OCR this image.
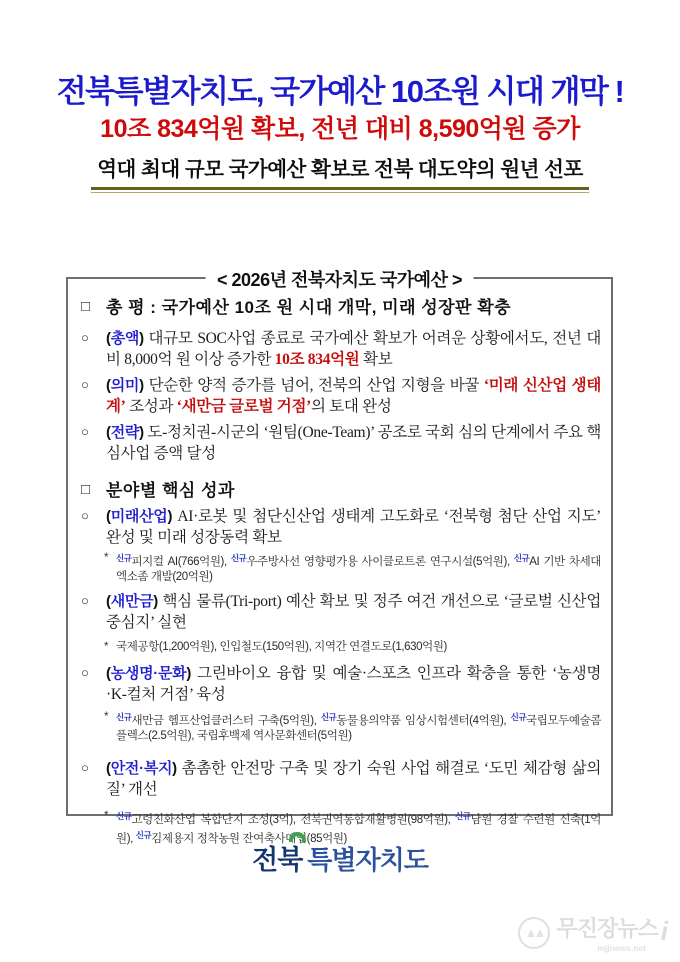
전북특별자치도, 국가예산 10조원 시대 개막 !
10조 834억원 확보, 전년 대비 8,590억원 증가
역대 최대 규모 국가예산 확보로 전북 대도약의 원년 선포
< 2026년 전북자치도 국가예산 >
□ 총 평 : 국가예산 10조 원 시대 개막, 미래 성장판 확충
○	(총액) 대규모 SOC사업 종료로 국가예산 확보가 어려운 상황에서도, 전년 대비 8,000억 원 이상 증가한 10조 834억원 확보
○	(의미) 단순한 양적 증가를 넘어, 전북의 산업 지형을 바꿀 ‘미래 신산업 생태계’ 조성과 ‘새만금 글로벌 거점’의 토대 완성
○	(전략) 도-정치권-시군의 ‘원팀(One-Team)’ 공조로 국회 심의 단계에서 주요 핵심사업 증액 달성
□ 분야별 핵심 성과
○	(미래산업) AI·로봇 및 첨단신산업 생태계 고도화로 ‘전북형 첨단 산업 지도’ 완성 및 미래 성장동력 확보
* $^{신규}$피지컬 AI(766억원), $^{신규}$우주방사선 영향평가용 사이클로트론 연구시설(5억원), $^{신규}$AI 기반 차세대 엑소좀 개발(20억원)
○	(새만금) 핵심 물류(Tri-port) 예산 확보 및 정주 여건 개선으로 ‘글로벌 신산업 중심지’ 실현
* 국제공항(1,200억원), 인입철도(150억원), 지역간 연결도로(1,630억원)
○	(농생명·문화) 그린바이오 융합 및 예술·스포츠 인프라 확충을 통한 ‘농생명·K-컬처 거점’ 육성
* $^{신규}$새만금 헴프산업클러스터 구축(5억원), $^{신규}$동물용의약품 임상시험센터(4억원), $^{신규}$국립모두예술콤플렉스(2.5억원), 국립후백제 역사문화센터(5억원)
○	(안전·복지) 촘촘한 안전망 구축 및 장기 숙원 사업 해결로 ‘도민 체감형 삶의 질’ 개선
* $^{신규}$고령친화산업 복합단지 조성(3억), 전북권역통합재활병원(98억원), $^{신규}$남원 경찰 수련원 신축(1억원), $^{신규}$김제용지 정착농원 잔여축사매입(85억원)
전북 특별자치도
▲▲ 무진장뉴스 i
mjjnews.net
